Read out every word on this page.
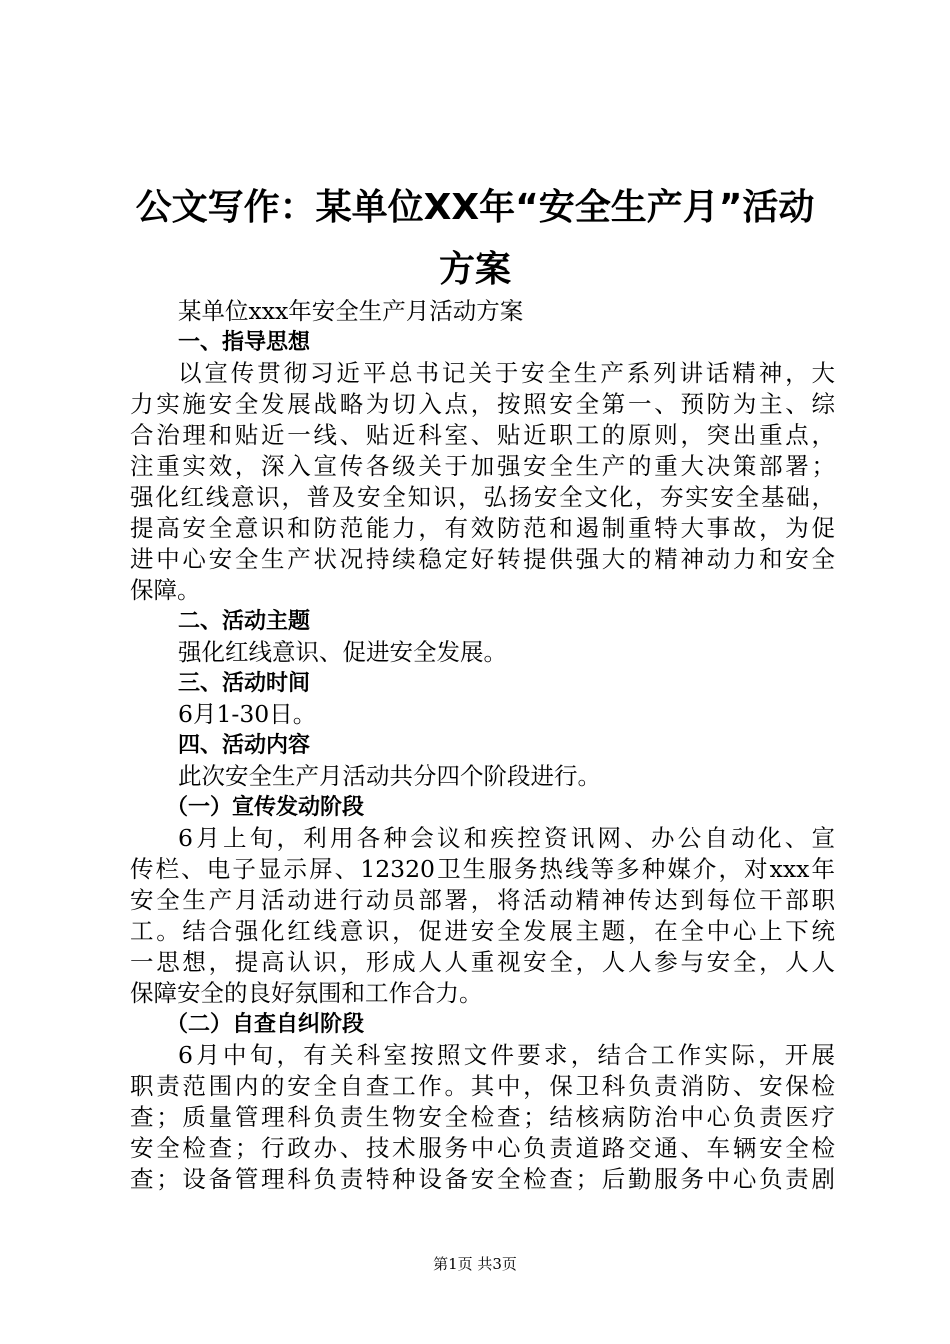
公文写作：某单位XX年“安全生产月”活动
方案
某单位xxx年安全生产月活动方案
一、指导思想
以宣传贯彻习近平总书记关于安全生产系列讲话精神，大
力实施安全发展战略为切入点，按照安全第一、预防为主、综
合治理和贴近一线、贴近科室、贴近职工的原则，突出重点，
注重实效，深入宣传各级关于加强安全生产的重大决策部署；
强化红线意识，普及安全知识，弘扬安全文化，夯实安全基础，
提高安全意识和防范能力，有效防范和遏制重特大事故，为促
进中心安全生产状况持续稳定好转提供强大的精神动力和安全
保障。
二、活动主题
强化红线意识、促进安全发展。
三、活动时间
6月1-30日。
四、活动内容
此次安全生产月活动共分四个阶段进行。
（一）宣传发动阶段
6月上旬，利用各种会议和疾控资讯网、办公自动化、宣
传栏、电子显示屏、12320卫生服务热线等多种媒介，对xxx年
安全生产月活动进行动员部署，将活动精神传达到每位干部职
工。结合强化红线意识，促进安全发展主题，在全中心上下统
一思想，提高认识，形成人人重视安全，人人参与安全，人人
保障安全的良好氛围和工作合力。
（二）自查自纠阶段
6月中旬，有关科室按照文件要求，结合工作实际，开展
职责范围内的安全自查工作。其中，保卫科负责消防、安保检
查；质量管理科负责生物安全检查；结核病防治中心负责医疗
安全检查；行政办、技术服务中心负责道路交通、车辆安全检
查；设备管理科负责特种设备安全检查；后勤服务中心负责剧
第1页 共3页
